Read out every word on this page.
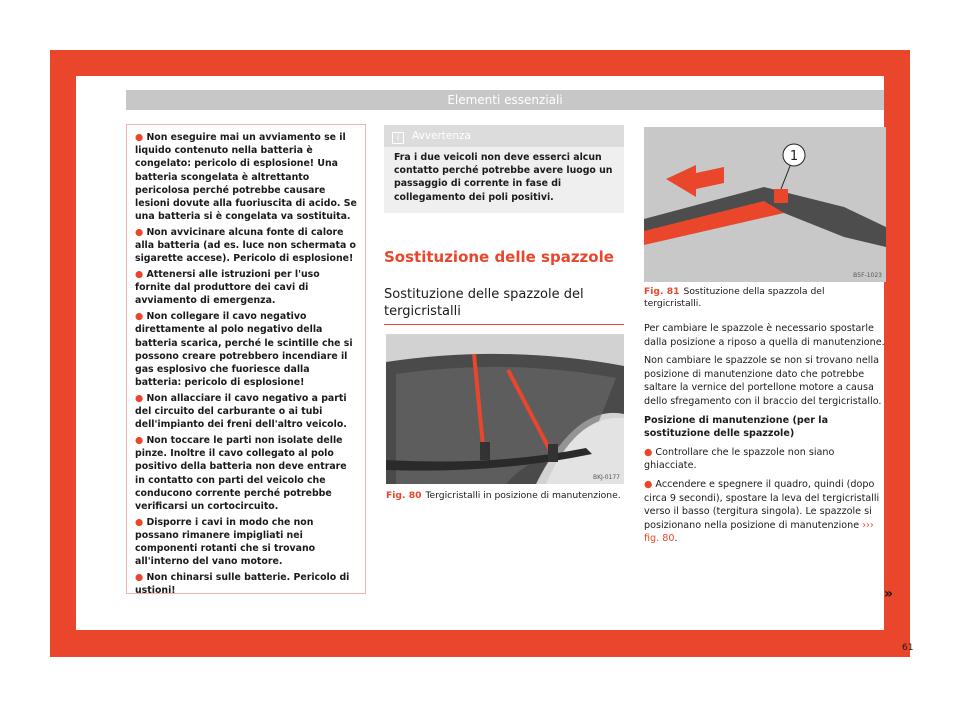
Elementi essenziali

● Non eseguire mai un avviamento se il liquido contenuto nella batteria è congelato: pericolo di esplosione! Una batteria scongelata è altrettanto pericolosa perché potrebbe causare lesioni dovute alla fuoriuscita di acido. Se una batteria si è congelata va sostituita.

● Non avvicinare alcuna fonte di calore alla batteria (ad es. luce non schermata o sigarette accese). Pericolo di esplosione!

● Attenersi alle istruzioni per l'uso fornite dal produttore dei cavi di avviamento di emergenza.

● Non collegare il cavo negativo direttamente al polo negativo della batteria scarica, perché le scintille che si possono creare potrebbero incendiare il gas esplosivo che fuoriesce dalla batteria: pericolo di esplosione!

● Non allacciare il cavo negativo a parti del circuito del carburante o ai tubi dell'impianto dei freni dell'altro veicolo.

● Non toccare le parti non isolate delle pinze. Inoltre il cavo collegato al polo positivo della batteria non deve entrare in contatto con parti del veicolo che conducono corrente perché potrebbe verificarsi un cortocircuito.

● Disporre i cavi in modo che non possano rimanere impigliati nei componenti rotanti che si trovano all'interno del vano motore.

● Non chinarsi sulle batterie. Pericolo di ustioni!

i Avvertenza
Fra i due veicoli non deve esserci alcun contatto perché potrebbe avere luogo un passaggio di corrente in fase di collegamento dei poli positivi.
Sostituzione delle spazzole
Sostituzione delle spazzole del tergicristalli
BKJ-0177
Fig. 80 Tergicristalli in posizione di manutenzione.
1
B5F-1023
Fig. 81 Sostituzione della spazzola del tergicristalli.

Per cambiare le spazzole è necessario spostarle dalla posizione a riposo a quella di manutenzione.

Non cambiare le spazzole se non si trovano nella posizione di manutenzione dato che potrebbe saltare la vernice del portellone motore a causa dello sfregamento con il braccio del tergicristallo.

Posizione di manutenzione (per la sostituzione delle spazzole)

● Controllare che le spazzole non siano ghiacciate.

● Accendere e spegnere il quadro, quindi (dopo circa 9 secondi), spostare la leva del tergicristalli verso il basso (tergitura singola). Le spazzole si posizionano nella posizione di manutenzione ››› fig. 80.

»
61
